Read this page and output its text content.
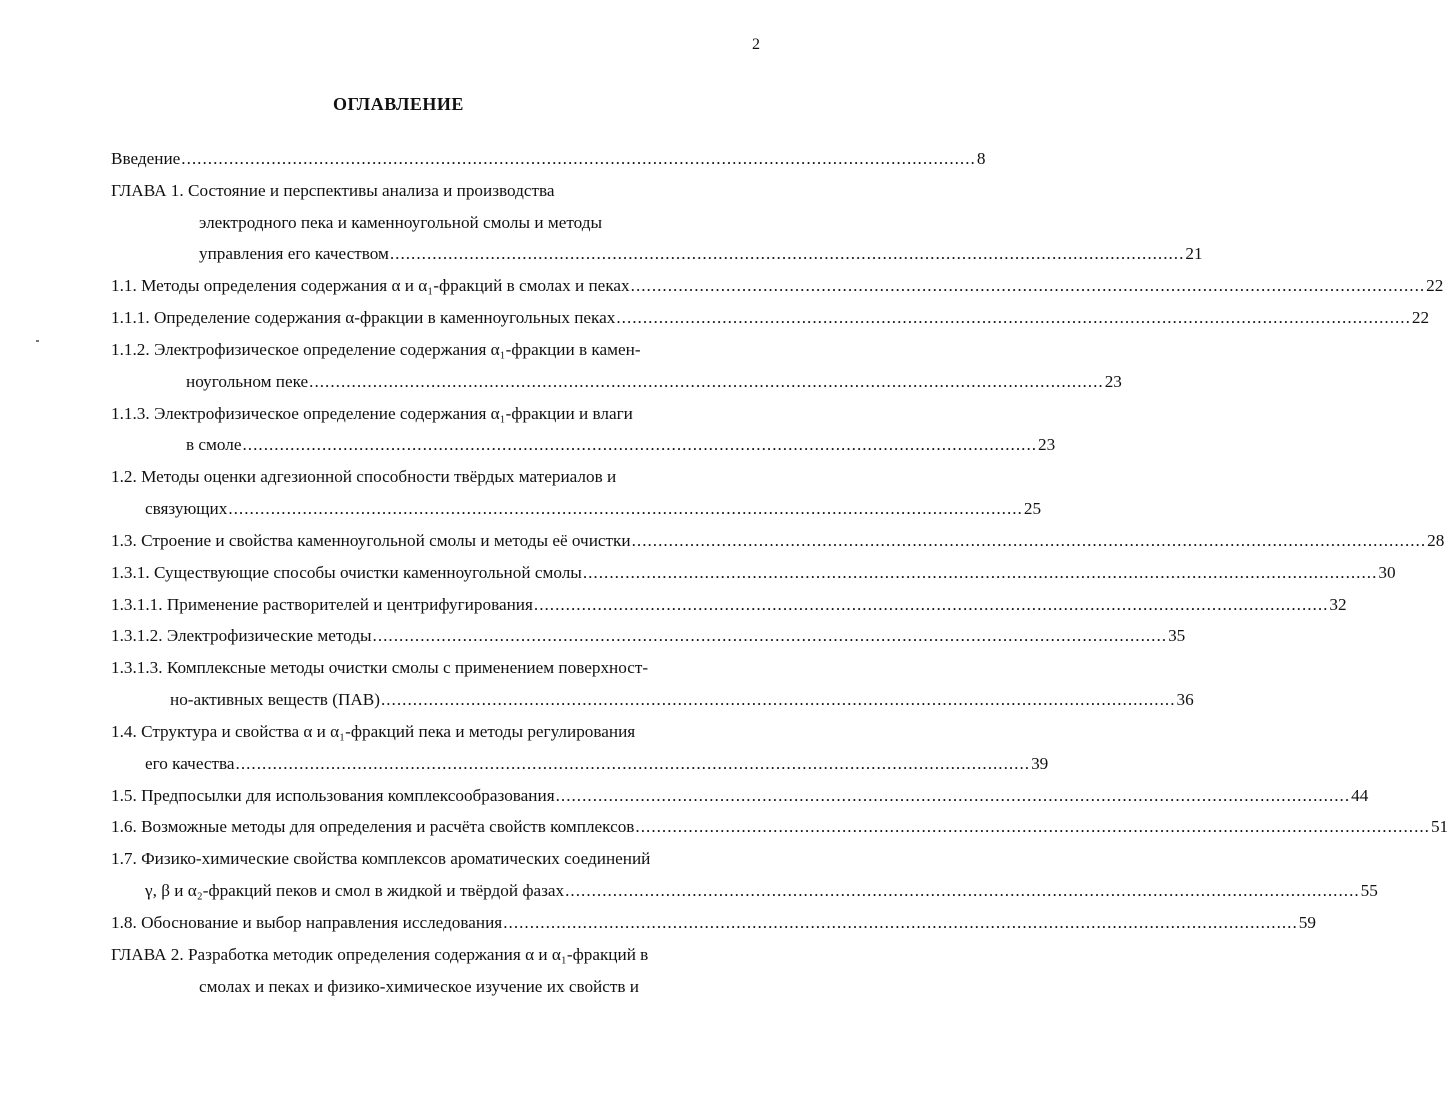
2
ОГЛАВЛЕНИЕ
Введение ...................................................................................................................................................... 8
ГЛАВА 1. Состояние и перспективы анализа и производства
электродного пека и каменноугольной смолы и методы
управления его качеством ...................................................................................................................................................... 21
1.1. Методы определения содержания α и α₁-фракций в смолах и пеках ...................................................................................................................................................... 22
1.1.1. Определение содержания α-фракции в каменноугольных пеках ...................................................................................................................................................... 22
1.1.2. Электрофизическое определение содержания α₁-фракции в камен-
ноугольном пеке ...................................................................................................................................................... 23
1.1.3. Электрофизическое определение содержания α₁-фракции и влаги
в смоле ...................................................................................................................................................... 23
1.2. Методы оценки адгезионной способности твёрдых материалов и
связующих ...................................................................................................................................................... 25
1.3. Строение и свойства каменноугольной смолы и методы её очистки ...................................................................................................................................................... 28
1.3.1. Существующие способы очистки каменноугольной смолы ...................................................................................................................................................... 30
1.3.1.1. Применение растворителей и центрифугирования ...................................................................................................................................................... 32
1.3.1.2. Электрофизические методы ...................................................................................................................................................... 35
1.3.1.3. Комплексные методы очистки смолы с применением поверхност-
но-активных веществ (ПАВ) ...................................................................................................................................................... 36
1.4. Структура и свойства α и α₁-фракций пека и методы регулирования
его качества ...................................................................................................................................................... 39
1.5. Предпосылки для использования комплексообразования ...................................................................................................................................................... 44
1.6. Возможные методы для определения и расчёта свойств комплексов ...................................................................................................................................................... 51
1.7. Физико-химические свойства комплексов ароматических соединений
γ, β и α₂-фракций пеков и смол в жидкой и твёрдой фазах ...................................................................................................................................................... 55
1.8. Обоснование и выбор направления исследования ...................................................................................................................................................... 59
ГЛАВА 2. Разработка методик определения содержания α и α₁-фракций в
смолах и пеках и физико-химическое изучение их свойств и
